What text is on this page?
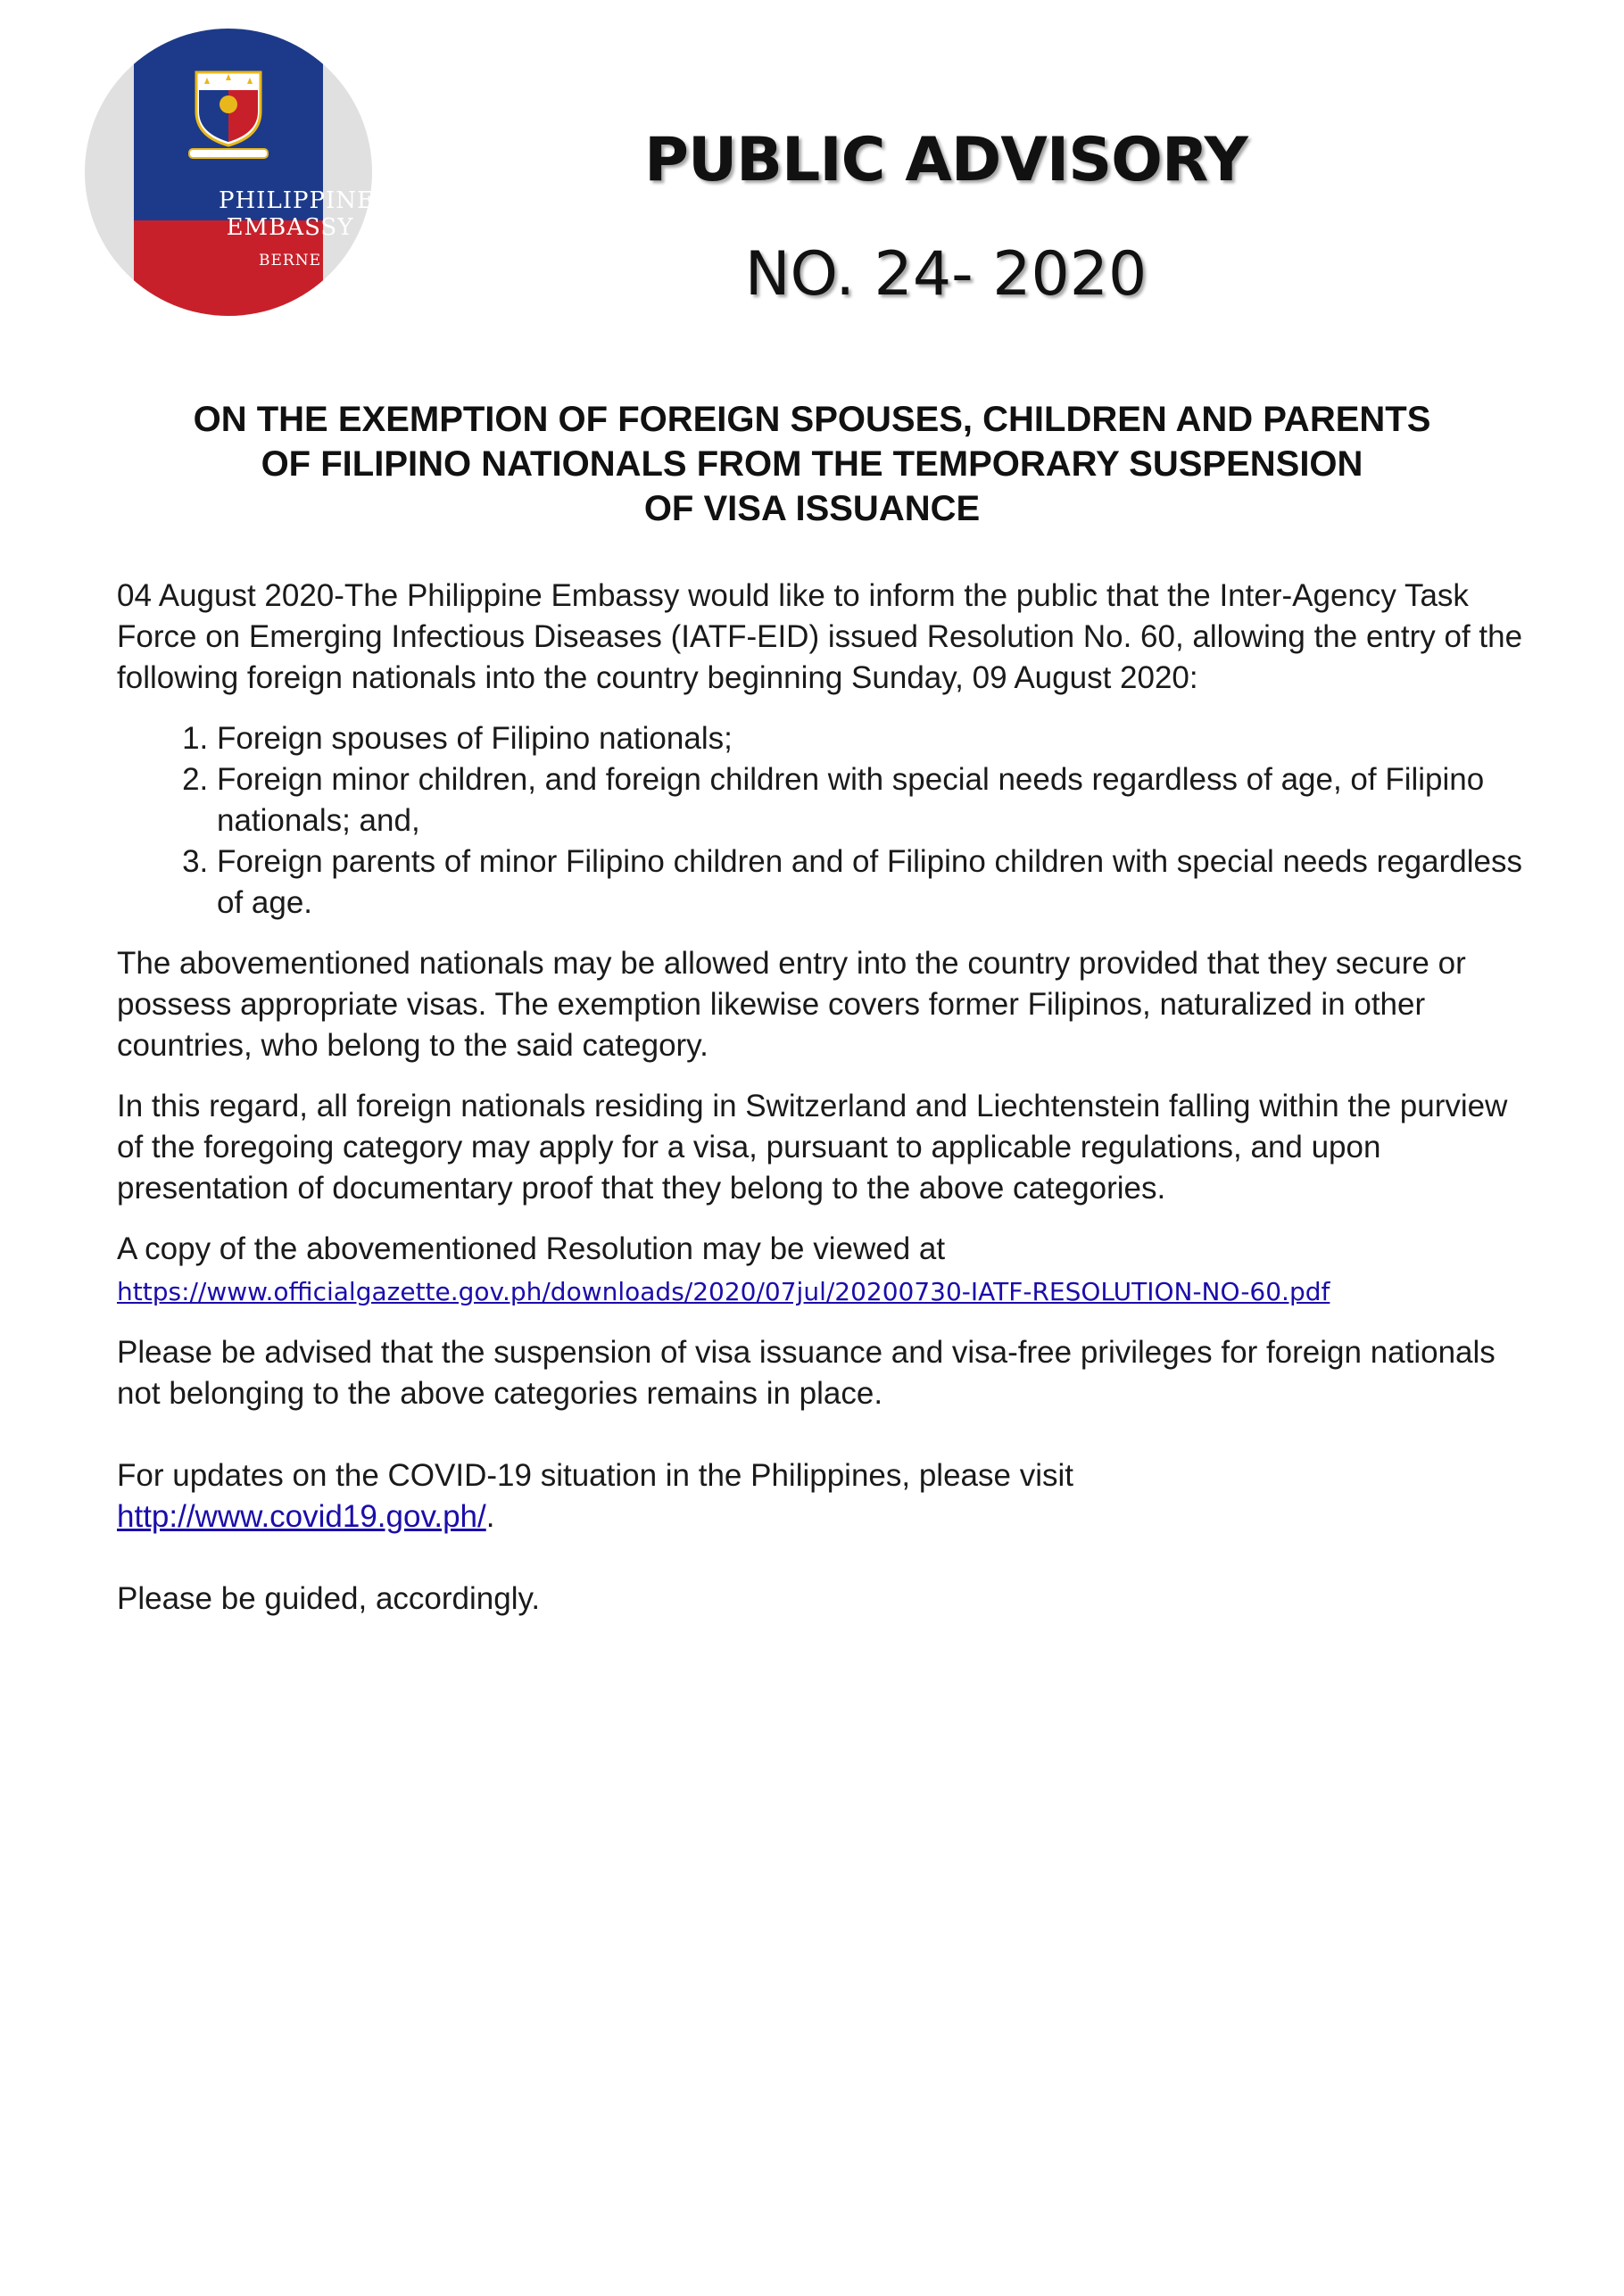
PHILIPPINE
EMBASSY
BERNE
PUBLIC ADVISORY
NO. 24- 2020
ON THE EXEMPTION OF FOREIGN SPOUSES, CHILDREN AND PARENTS
OF FILIPINO NATIONALS FROM THE TEMPORARY SUSPENSION
OF VISA ISSUANCE

04 August 2020-The Philippine Embassy would like to inform the public that the Inter-Agency Task Force on Emerging Infectious Diseases (IATF-EID) issued Resolution No. 60, allowing the entry of the following foreign nationals into the country beginning Sunday, 09 August 2020:

1. Foreign spouses of Filipino nationals;
2. Foreign minor children, and foreign children with special needs regardless of age, of Filipino nationals; and,
3. Foreign parents of minor Filipino children and of Filipino children with special needs regardless of age.

The abovementioned nationals may be allowed entry into the country provided that they secure or possess appropriate visas. The exemption likewise covers former Filipinos, naturalized in other countries, who belong to the said category.

In this regard, all foreign nationals residing in Switzerland and Liechtenstein falling within the purview of the foregoing category may apply for a visa, pursuant to applicable regulations, and upon presentation of documentary proof that they belong to the above categories.

A copy of the abovementioned Resolution may be viewed at
https://www.officialgazette.gov.ph/downloads/2020/07jul/20200730-IATF-RESOLUTION-NO-60.pdf

Please be advised that the suspension of visa issuance and visa-free privileges for foreign nationals not belonging to the above categories remains in place.

For updates on the COVID-19 situation in the Philippines, please visit
http://www.covid19.gov.ph/.

Please be guided, accordingly.
